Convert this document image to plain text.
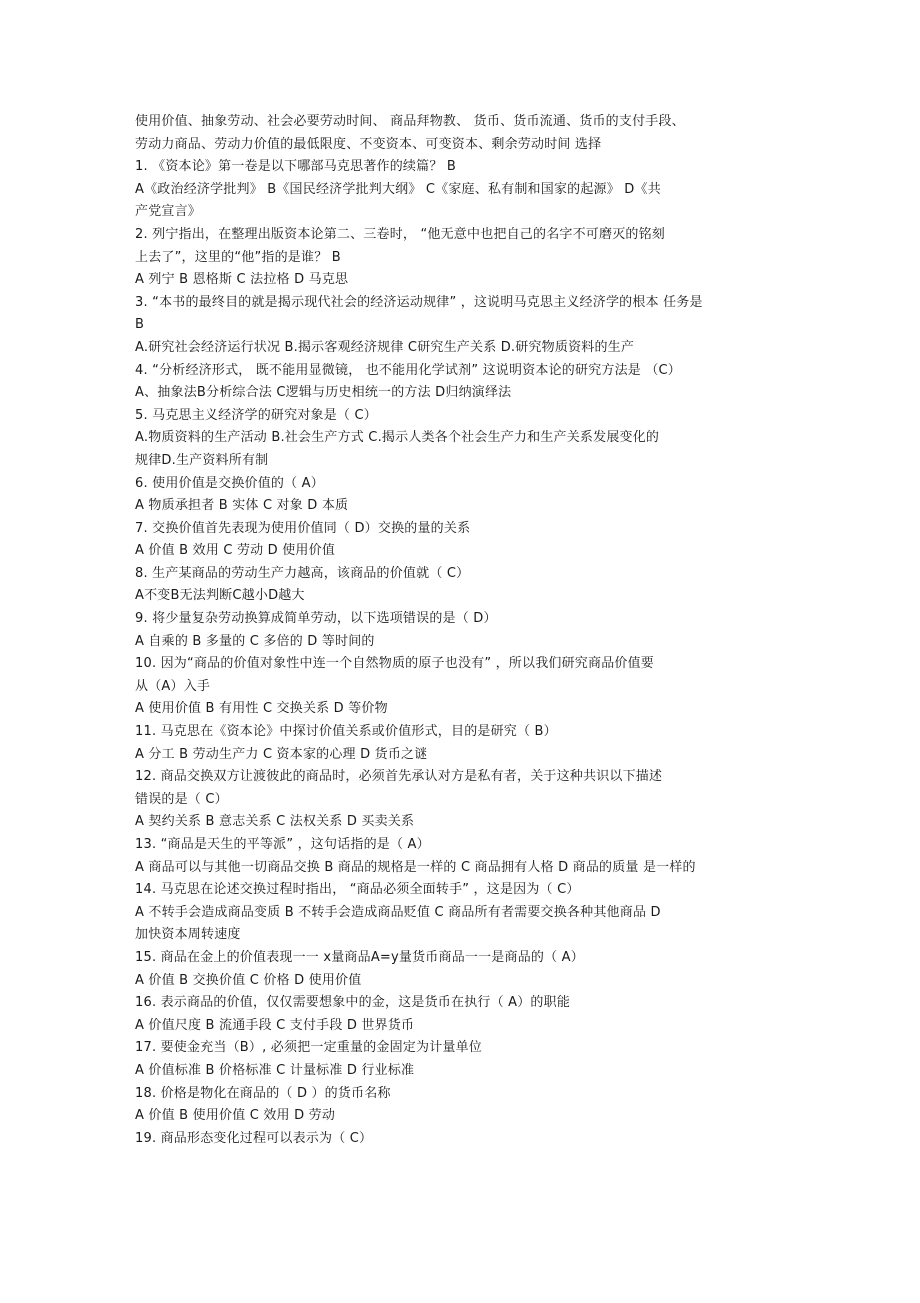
使用价值、抽象劳动、社会必要劳动时间、 商品拜物教、 货币、货币流通、货币的支付手段、
劳动力商品、劳动力价值的最低限度、不变资本、可变资本、剩余劳动时间 选择
1. 《资本论》第一卷是以下哪部马克思著作的续篇？ B
A《政治经济学批判》 B《国民经济学批判大纲》 C《家庭、私有制和国家的起源》 D《共
产党宣言》
2. 列宁指出，在整理出版资本论第二、三卷时， “他无意中也把自己的名字不可磨灭的铭刻
上去了”，这里的“他”指的是谁？ B
A 列宁 B 恩格斯 C 法拉格 D 马克思
3. “本书的最终目的就是揭示现代社会的经济运动规律” ，这说明马克思主义经济学的根本 任务是
B
A.研究社会经济运行状况 B.揭示客观经济规律 C研究生产关系 D.研究物质资料的生产
4. “分析经济形式， 既不能用显微镜， 也不能用化学试剂” 这说明资本论的研究方法是 （C）
A、抽象法B分析综合法 C逻辑与历史相统一的方法 D归纳演绎法
5. 马克思主义经济学的研究对象是（ C）
A.物质资料的生产活动 B.社会生产方式 C.揭示人类各个社会生产力和生产关系发展变化的
规律D.生产资料所有制
6. 使用价值是交换价值的（ A）
A 物质承担者 B 实体 C 对象 D 本质
7. 交换价值首先表现为使用价值同（ D）交换的量的关系
A 价值 B 效用 C 劳动 D 使用价值
8. 生产某商品的劳动生产力越高，该商品的价值就（ C）
A不变B无法判断C越小D越大
9. 将少量复杂劳动换算成简单劳动，以下选项错误的是（ D）
A 自乘的 B 多量的 C 多倍的 D 等时间的
10. 因为“商品的价值对象性中连一个自然物质的原子也没有” ，所以我们研究商品价值要
从（A）入手
A 使用价值 B 有用性 C 交换关系 D 等价物
11. 马克思在《资本论》中探讨价值关系或价值形式，目的是研究（ B）
A 分工 B 劳动生产力 C 资本家的心理 D 货币之谜
12. 商品交换双方让渡彼此的商品时，必须首先承认对方是私有者，关于这种共识以下描述
错误的是（ C）
A 契约关系 B 意志关系 C 法权关系 D 买卖关系
13. “商品是天生的平等派” ，这句话指的是（ A）
A 商品可以与其他一切商品交换 B 商品的规格是一样的 C 商品拥有人格 D 商品的质量 是一样的
14. 马克思在论述交换过程时指出， “商品必须全面转手” ，这是因为（ C）
A 不转手会造成商品变质 B 不转手会造成商品贬值 C 商品所有者需要交换各种其他商品 D
加快资本周转速度
15. 商品在金上的价值表现一一 x量商品A=y量货币商品一一是商品的（ A）
A 价值 B 交换价值 C 价格 D 使用价值
16. 表示商品的价值，仅仅需要想象中的金，这是货币在执行（ A）的职能
A 价值尺度 B 流通手段 C 支付手段 D 世界货币
17. 要使金充当（B）, 必须把一定重量的金固定为计量单位
A 价值标准 B 价格标准 C 计量标准 D 行业标准
18. 价格是物化在商品的（ D ）的货币名称
A 价值 B 使用价值 C 效用 D 劳动
19. 商品形态变化过程可以表示为（ C）
